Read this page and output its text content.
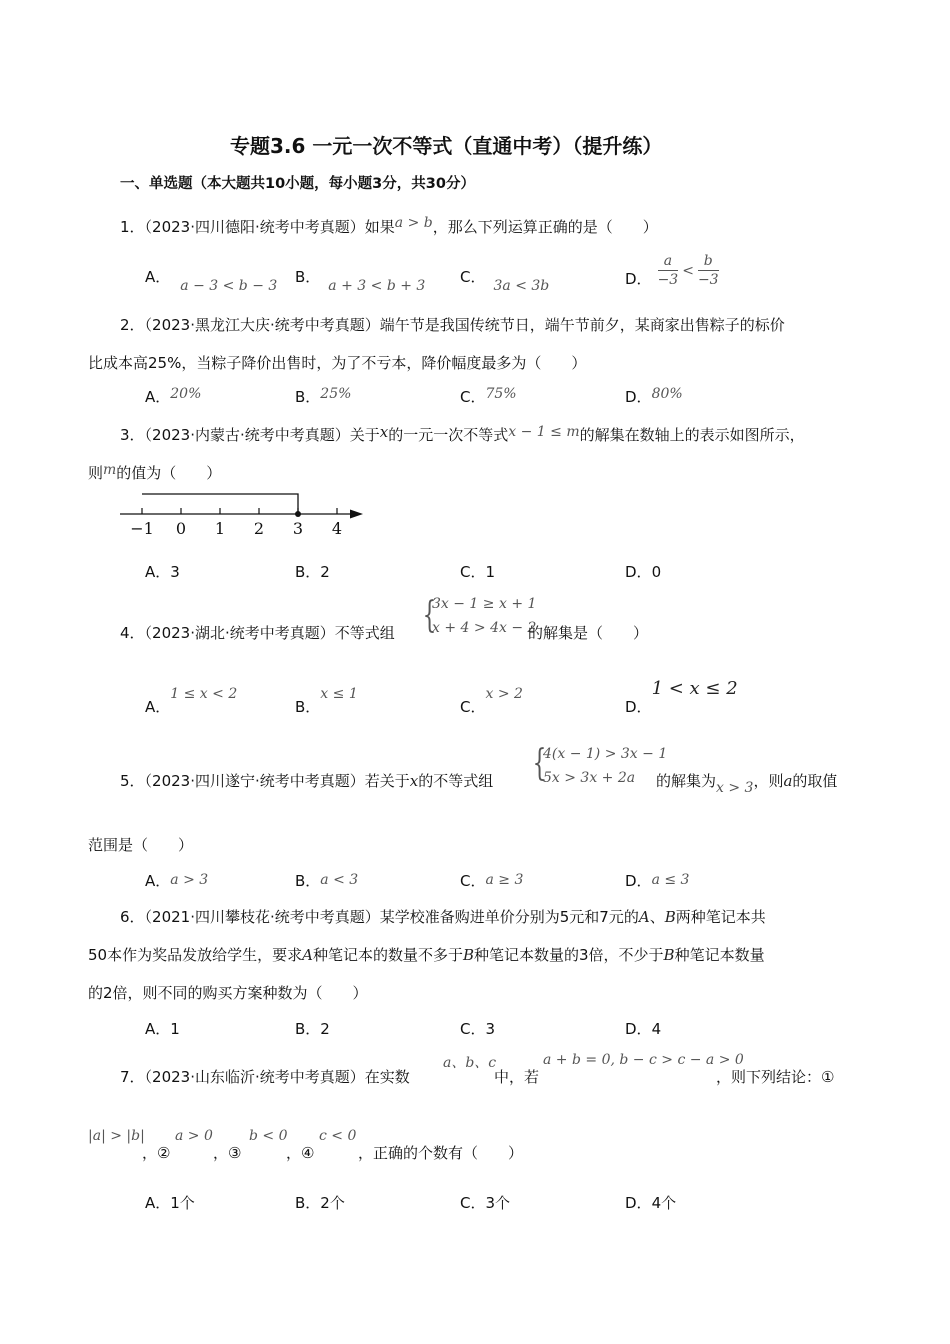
专题3.6 一元一次不等式（直通中考）（提升练）
一、单选题（本大题共10小题，每小题3分，共30分）
1．（2023·四川德阳·统考中考真题）如果a > b，那么下列运算正确的是（　　）
A． a − 3 < b − 3 B． a + 3 < b + 3 C． 3a < 3b	D． $\frac{a}{-3} < \frac{b}{-3}$
2．（2023·黑龙江大庆·统考中考真题）端午节是我国传统节日，端午节前夕，某商家出售粽子的标价
比成本高25%，当粽子降价出售时，为了不亏本，降价幅度最多为（　　）
A．20%	B．25%	C．75%	D．80%
3．（2023·内蒙古·统考中考真题）关于x的一元一次不等式x − 1 ≤ m的解集在数轴上的表示如图所示，
则m的值为（　　）
−1 0 1 2 3 4
A．3	B．2	C．1	D．0
4．（2023·湖北·统考中考真题）不等式组 {
3x − 1 ≥ x + 1
x + 4 > 4x − 2
的解集是（　　）
A．1 ≤ x < 2
B．x ≤ 1
C．x > 2
D．1 < x ≤ 2
5．（2023·四川遂宁·统考中考真题）若关于x的不等式组 {
4(x − 1) > 3x − 1
5x > 3x + 2a	的解集为x > 3，则a的取值
范围是（　　）
A．a > 3	B．a < 3	C．a ≥ 3	D．a ≤ 3
6．（2021·四川攀枝花·统考中考真题）某学校准备购进单价分别为5元和7元的A、B两种笔记本共
50本作为奖品发放给学生，要求A种笔记本的数量不多于B种笔记本数量的3倍，不少于B种笔记本数量
的2倍，则不同的购买方案种数为（　　）
A．1	B．2	C．3	D．4
7．（2023·山东临沂·统考中考真题）在实数
a、b、c
中，若
a + b = 0, b − c > c − a > 0
，则下列结论：①
|a| > |b|
，②
a > 0
，③
b < 0
，④
c < 0
，正确的个数有（　　）
A．1个	B．2个	C．3个	D．4个
